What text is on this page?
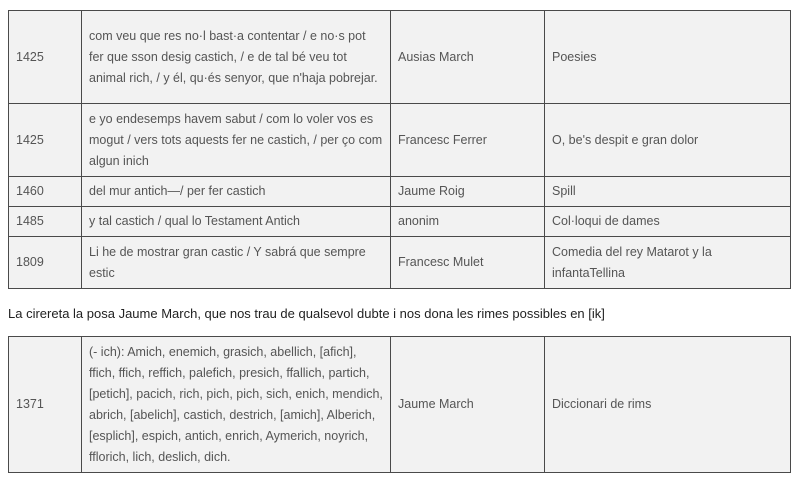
1425	com veu que res no·l bast·a contentar / e no·s pot fer que sson desig castich, / e de tal bé veu tot animal rich, / y él, qu·és senyor, que n'haja pobrejar.	Ausias March	Poesies
1425	e yo endesemps havem sabut / com lo voler vos es mogut / vers tots aquests fer ne castich, / per ço com algun inich	Francesc Ferrer	O, be's despit e gran dolor
1460	del mur antich—/ per fer castich	Jaume Roig	Spill
1485	y tal castich / qual lo Testament Antich	anonim	Col·loqui de dames
1809	Li he de mostrar gran castic / Y sabrá que sempre estic	Francesc Mulet	Comedia del rey Matarot y la infantaTellina

La cirereta la posa Jaume March, que nos trau de qualsevol dubte i nos dona les rimes possibles en [ik]

1371	(- ich): Amich, enemich, grasich, abellich, [afich], ffich, ffich, reffich, palefich, presich, ffallich, partich, [petich], pacich, rich, pich, pich, sich, enich, mendich, abrich, [abelich], castich, destrich, [amich], Alberich, [esplich], espich, antich, enrich, Aymerich, noyrich, fflorich, lich, deslich, dich.	Jaume March	Diccionari de rims
